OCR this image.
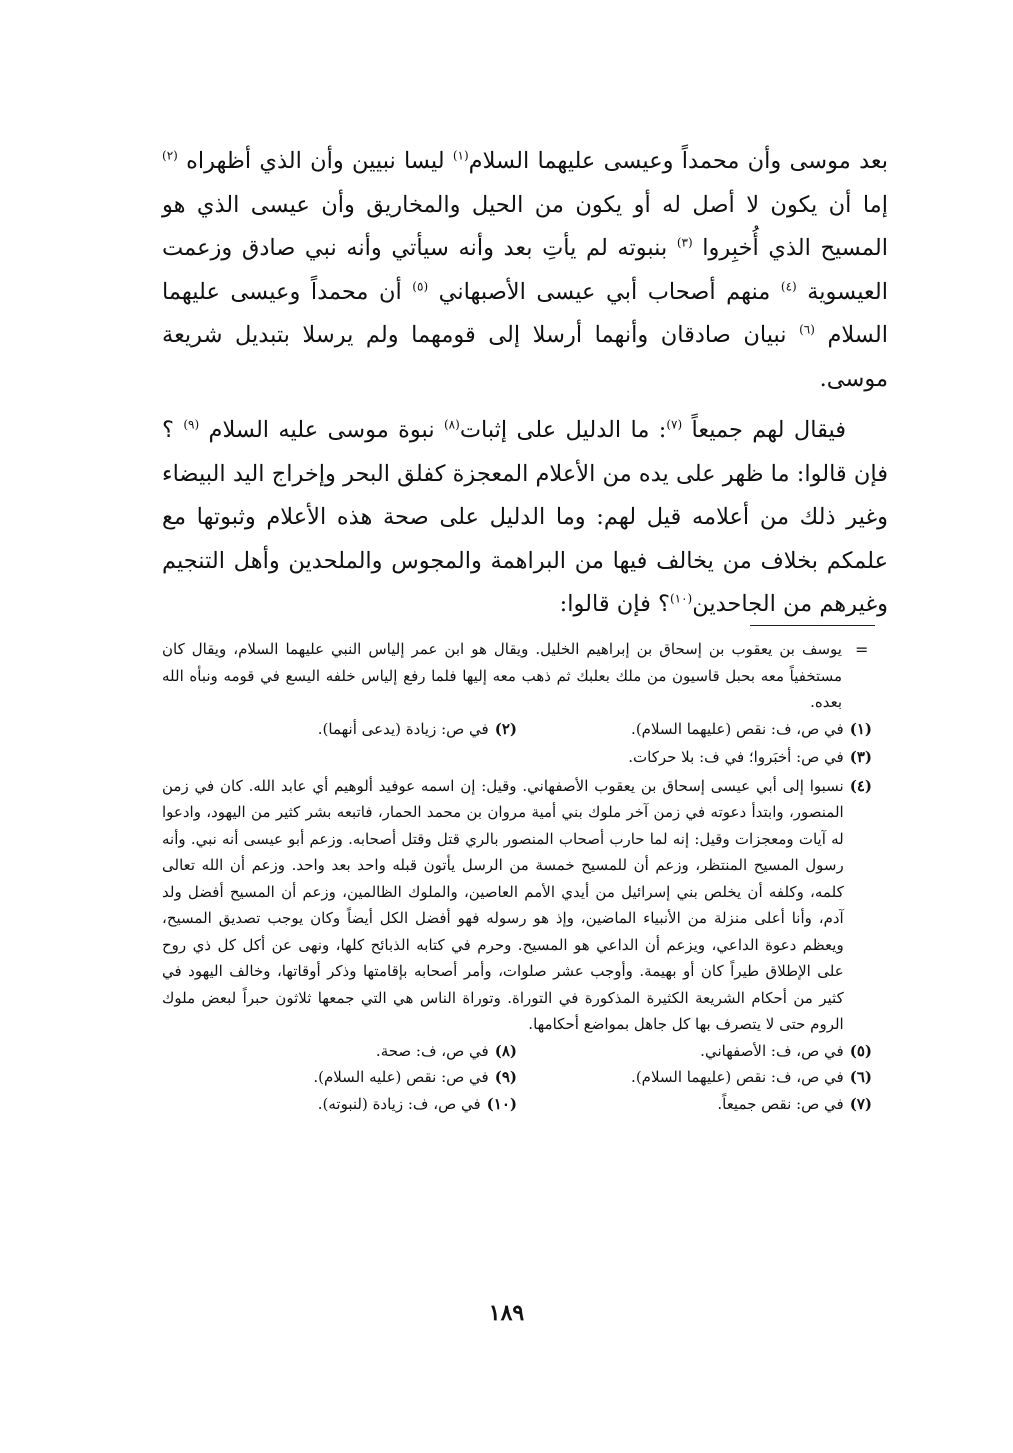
بعد موسى وأن محمداً وعيسى عليهما السلام$^{(١)}$ ليسا نبيين وأن الذي أظهراه $^{(٢)}$ إما أن يكون لا أصل له أو يكون من الحيل والمخاريق وأن عيسى الذي هو المسيح الذي أُخبِروا $^{(٣)}$ بنبوته لم يأتِ بعد وأنه سيأتي وأنه نبي صادق وزعمت العيسوية $^{(٤)}$ منهم أصحاب أبي عيسى الأصبهاني $^{(٥)}$ أن محمداً وعيسى عليهما السلام $^{(٦)}$ نبيان صادقان وأنهما أرسلا إلى قومهما ولم يرسلا بتبديل شريعة موسى.

فيقال لهم جميعاً $^{(٧)}$: ما الدليل على إثبات$^{(٨)}$ نبوة موسى عليه السلام $^{(٩)}$ ؟ فإن قالوا: ما ظهر على يده من الأعلام المعجزة كفلق البحر وإخراج اليد البيضاء وغير ذلك من أعلامه قيل لهم: وما الدليل على صحة هذه الأعلام وثبوتها مع علمكم بخلاف من يخالف فيها من البراهمة والمجوس والملحدين وأهل التنجيم وغيرهم من الجاحدين$^{(١٠)}$؟ فإن قالوا:

=
يوسف بن يعقوب بن إسحاق بن إبراهيم الخليل. ويقال هو ابن عمر إلياس النبي عليهما السلام، ويقال كان مستخفياً معه بحبل قاسيون من ملك بعلبك ثم ذهب معه إليها فلما رفع إلياس خلفه اليسع في قومه ونبأه الله بعده.
(١)
في ص، ف: نقص (عليهما السلام).
(٢)
في ص: زيادة (يدعى أنهما).
(٣)
في ص: أخبَروا؛ في ف: بلا حركات.
(٤)
نسبوا إلى أبي عيسى إسحاق بن يعقوب الأصفهاني. وقيل: إن اسمه عوفيد ألوهيم أي عابد الله. كان في زمن المنصور، وابتدأ دعوته في زمن آخر ملوك بني أمية مروان بن محمد الحمار، فاتبعه بشر كثير من اليهود، وادعوا له آيات ومعجزات وقيل: إنه لما حارب أصحاب المنصور بالري قتل وقتل أصحابه. وزعم أبو عيسى أنه نبي. وأنه رسول المسيح المنتظر، وزعم أن للمسيح خمسة من الرسل يأتون قبله واحد بعد واحد. وزعم أن الله تعالى كلمه، وكلفه أن يخلص بني إسرائيل من أيدي الأمم العاصين، والملوك الظالمين، وزعم أن المسيح أفضل ولد آدم، وأنا أعلى منزلة من الأنبياء الماضين، وإذ هو رسوله فهو أفضل الكل أيضاً وكان يوجب تصديق المسيح، ويعظم دعوة الداعي، ويزعم أن الداعي هو المسيح. وحرم في كتابه الذبائح كلها، ونهى عن أكل كل ذي روح على الإطلاق طيراً كان أو بهيمة. وأوجب عشر صلوات، وأمر أصحابه بإقامتها وذكر أوقاتها، وخالف اليهود في كثير من أحكام الشريعة الكثيرة المذكورة في التوراة. وتوراة الناس هي التي جمعها ثلاثون حبراً لبعض ملوك الروم حتى لا يتصرف بها كل جاهل بمواضع أحكامها.
(٥)
في ص، ف: الأصفهاني.
(٨)
في ص، ف: صحة.
(٦)
في ص، ف: نقص (عليهما السلام).
(٩)
في ص: نقص (عليه السلام).
(٧)
في ص: نقص جميعاً.
(١٠)
في ص، ف: زيادة (لنبوته).
١٨٩
